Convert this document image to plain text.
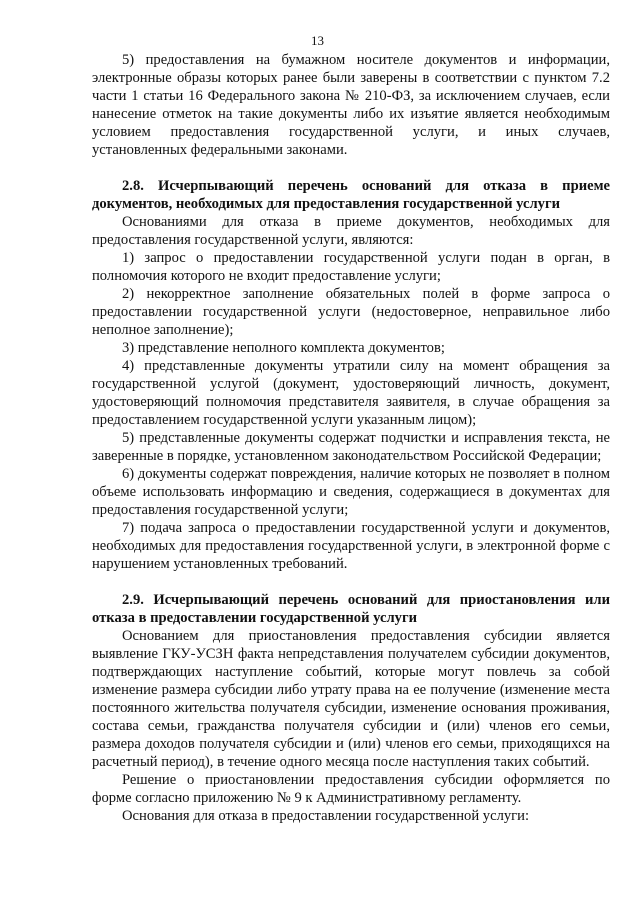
13

5) предоставления на бумажном носителе документов и информации, электронные образы которых ранее были заверены в соответствии с пунктом 7.2 части 1 статьи 16 Федерального закона № 210-ФЗ, за исключением случаев, если нанесение отметок на такие документы либо их изъятие является необходимым условием предоставления государственной услуги, и иных случаев, установленных федеральными законами.

2.8. Исчерпывающий перечень оснований для отказа в приеме документов, необходимых для предоставления государственной услуги

Основаниями для отказа в приеме документов, необходимых для предоставления государственной услуги, являются:

1) запрос о предоставлении государственной услуги подан в орган, в полномочия которого не входит предоставление услуги;

2) некорректное заполнение обязательных полей в форме запроса о предоставлении государственной услуги (недостоверное, неправильное либо неполное заполнение);

3) представление неполного комплекта документов;

4) представленные документы утратили силу на момент обращения за государственной услугой (документ, удостоверяющий личность, документ, удостоверяющий полномочия представителя заявителя, в случае обращения за предоставлением государственной услуги указанным лицом);

5) представленные документы содержат подчистки и исправления текста, не заверенные в порядке, установленном законодательством Российской Федерации;

6) документы содержат повреждения, наличие которых не позволяет в полном объеме использовать информацию и сведения, содержащиеся в документах для предоставления государственной услуги;

7) подача запроса о предоставлении государственной услуги и документов, необходимых для предоставления государственной услуги, в электронной форме с нарушением установленных требований.

2.9. Исчерпывающий перечень оснований для приостановления или отказа в предоставлении государственной услуги

Основанием для приостановления предоставления субсидии является выявление ГКУ-УСЗН факта непредставления получателем субсидии документов, подтверждающих наступление событий, которые могут повлечь за собой изменение размера субсидии либо утрату права на ее получение (изменение места постоянного жительства получателя субсидии, изменение основания проживания, состава семьи, гражданства получателя субсидии и (или) членов его семьи, размера доходов получателя субсидии и (или) членов его семьи, приходящихся на расчетный период), в течение одного месяца после наступления таких событий.

Решение о приостановлении предоставления субсидии оформляется по форме согласно приложению № 9 к Административному регламенту.

Основания для отказа в предоставлении государственной услуги:
